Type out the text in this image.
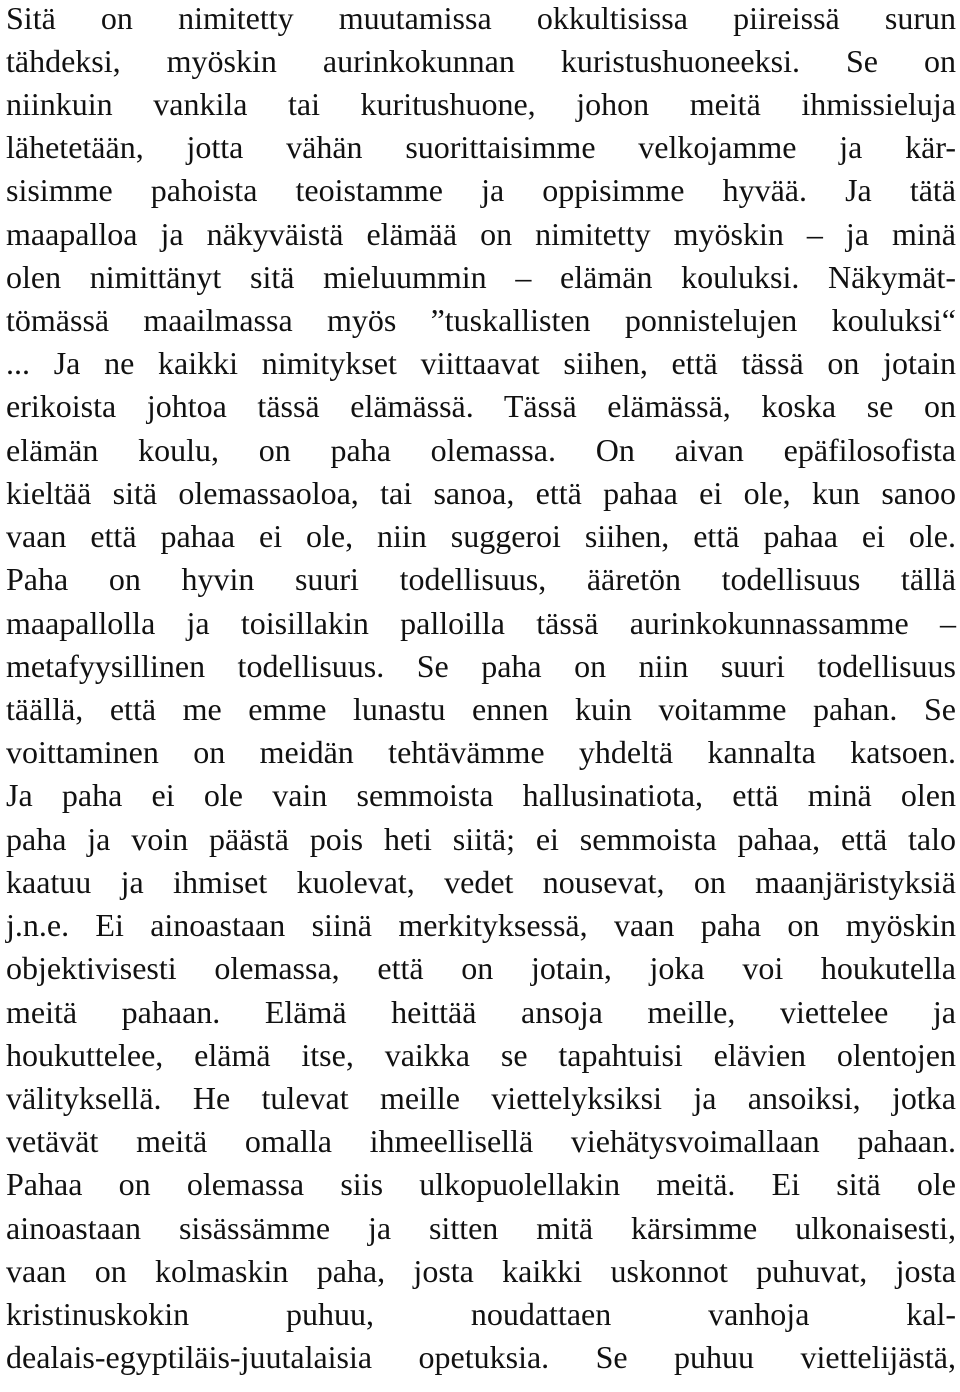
Sitä on nimitetty muutamissa okkultisissa piireissä surun
tähdeksi, myöskin aurinkokunnan kuristushuoneeksi. Se on
niinkuin vankila tai kuritushuone, johon meitä ihmissieluja
lähetetään, jotta vähän suorittaisimme velkojamme ja kär-
sisimme pahoista teoistamme ja oppisimme hyvää. Ja tätä
maapalloa ja näkyväistä elämää on nimitetty myöskin – ja minä
olen nimittänyt sitä mieluummin – elämän kouluksi. Näkymät-
tömässä maailmassa myös ”tuskallisten ponnistelujen kouluksi“
... Ja ne kaikki nimitykset viittaavat siihen, että tässä on jotain
erikoista johtoa tässä elämässä. Tässä elämässä, koska se on
elämän koulu, on paha olemassa. On aivan epäfilosofista
kieltää sitä olemassaoloa, tai sanoa, että pahaa ei ole, kun sanoo
vaan että pahaa ei ole, niin suggeroi siihen, että pahaa ei ole.
Paha on hyvin suuri todellisuus, ääretön todellisuus tällä
maapallolla ja toisillakin palloilla tässä aurinkokunnassamme –
metafyysillinen todellisuus. Se paha on niin suuri todellisuus
täällä, että me emme lunastu ennen kuin voitamme pahan. Se
voittaminen on meidän tehtävämme yhdeltä kannalta katsoen.
Ja paha ei ole vain semmoista hallusinatiota, että minä olen
paha ja voin päästä pois heti siitä; ei semmoista pahaa, että talo
kaatuu ja ihmiset kuolevat, vedet nousevat, on maanjäristyksiä
j.n.e. Ei ainoastaan siinä merkityksessä, vaan paha on myöskin
objektivisesti olemassa, että on jotain, joka voi houkutella
meitä pahaan. Elämä heittää ansoja meille, viettelee ja
houkuttelee, elämä itse, vaikka se tapahtuisi elävien olentojen
välityksellä. He tulevat meille viettelyksiksi ja ansoiksi, jotka
vetävät meitä omalla ihmeellisellä viehätysvoimallaan pahaan.
Pahaa on olemassa siis ulkopuolellakin meitä. Ei sitä ole
ainoastaan sisässämme ja sitten mitä kärsimme ulkonaisesti,
vaan on kolmaskin paha, josta kaikki uskonnot puhuvat, josta
kristinuskokin puhuu, noudattaen vanhoja kal-
dealais-egyptiläis-juutalaisia opetuksia. Se puhuu viettelijästä,
